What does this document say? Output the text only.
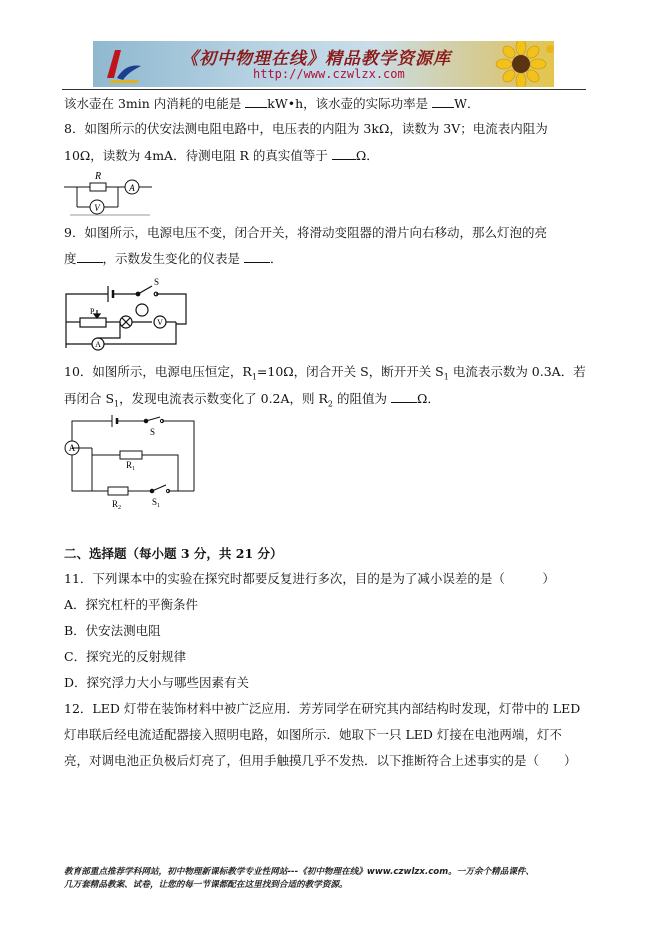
《初中物理在线》精品教学资源库
http://www.czwlzx.com
该水壶在 3min 内消耗的电能是 kW•h，该水壶的实际功率是 W．
8．如图所示的伏安法测电阻电路中，电压表的内阻为 3kΩ，读数为 3V；电流表内阻为
10Ω，读数为 4mA．待测电阻 R 的真实值等于 Ω．
R
A
V
9．如图所示，电源电压不变，闭合开关，将滑动变阻器的滑片向右移动，那么灯泡的亮
度 ，示数发生变化的仪表是 ．
S
P
A
V
10．如图所示，电源电压恒定，$R_1=10\Omega$，闭合开关 S，断开开关 $S_1$ 电流表示数为 0.3A．若
再闭合 $S_1$，发现电流表示数变化了 0.2A，则 $R_2$ 的阻值为 Ω．
A
S
$R_1$
$R_2$
$S_1$
二、选择题（每小题 3 分，共 21 分）
11．下列课本中的实验在探究时都要反复进行多次，目的是为了减小误差的是（　　　）
A．探究杠杆的平衡条件
B．伏安法测电阻
C．探究光的反射规律
D．探究浮力大小与哪些因素有关
12．LED 灯带在装饰材料中被广泛应用．芳芳同学在研究其内部结构时发现，灯带中的 LED
灯串联后经电流适配器接入照明电路，如图所示．她取下一只 LED 灯接在电池两端，灯不
亮，对调电池正负极后灯亮了，但用手触摸几乎不发热．以下推断符合上述事实的是（　　）
教育部重点推荐学科网站，初中物理新课标教学专业性网站---《初中物理在线》www.czwlzx.com。一万余个精品课件、
几万套精品教案、试卷，让您的每一节课都配在这里找到合适的教学资源。
